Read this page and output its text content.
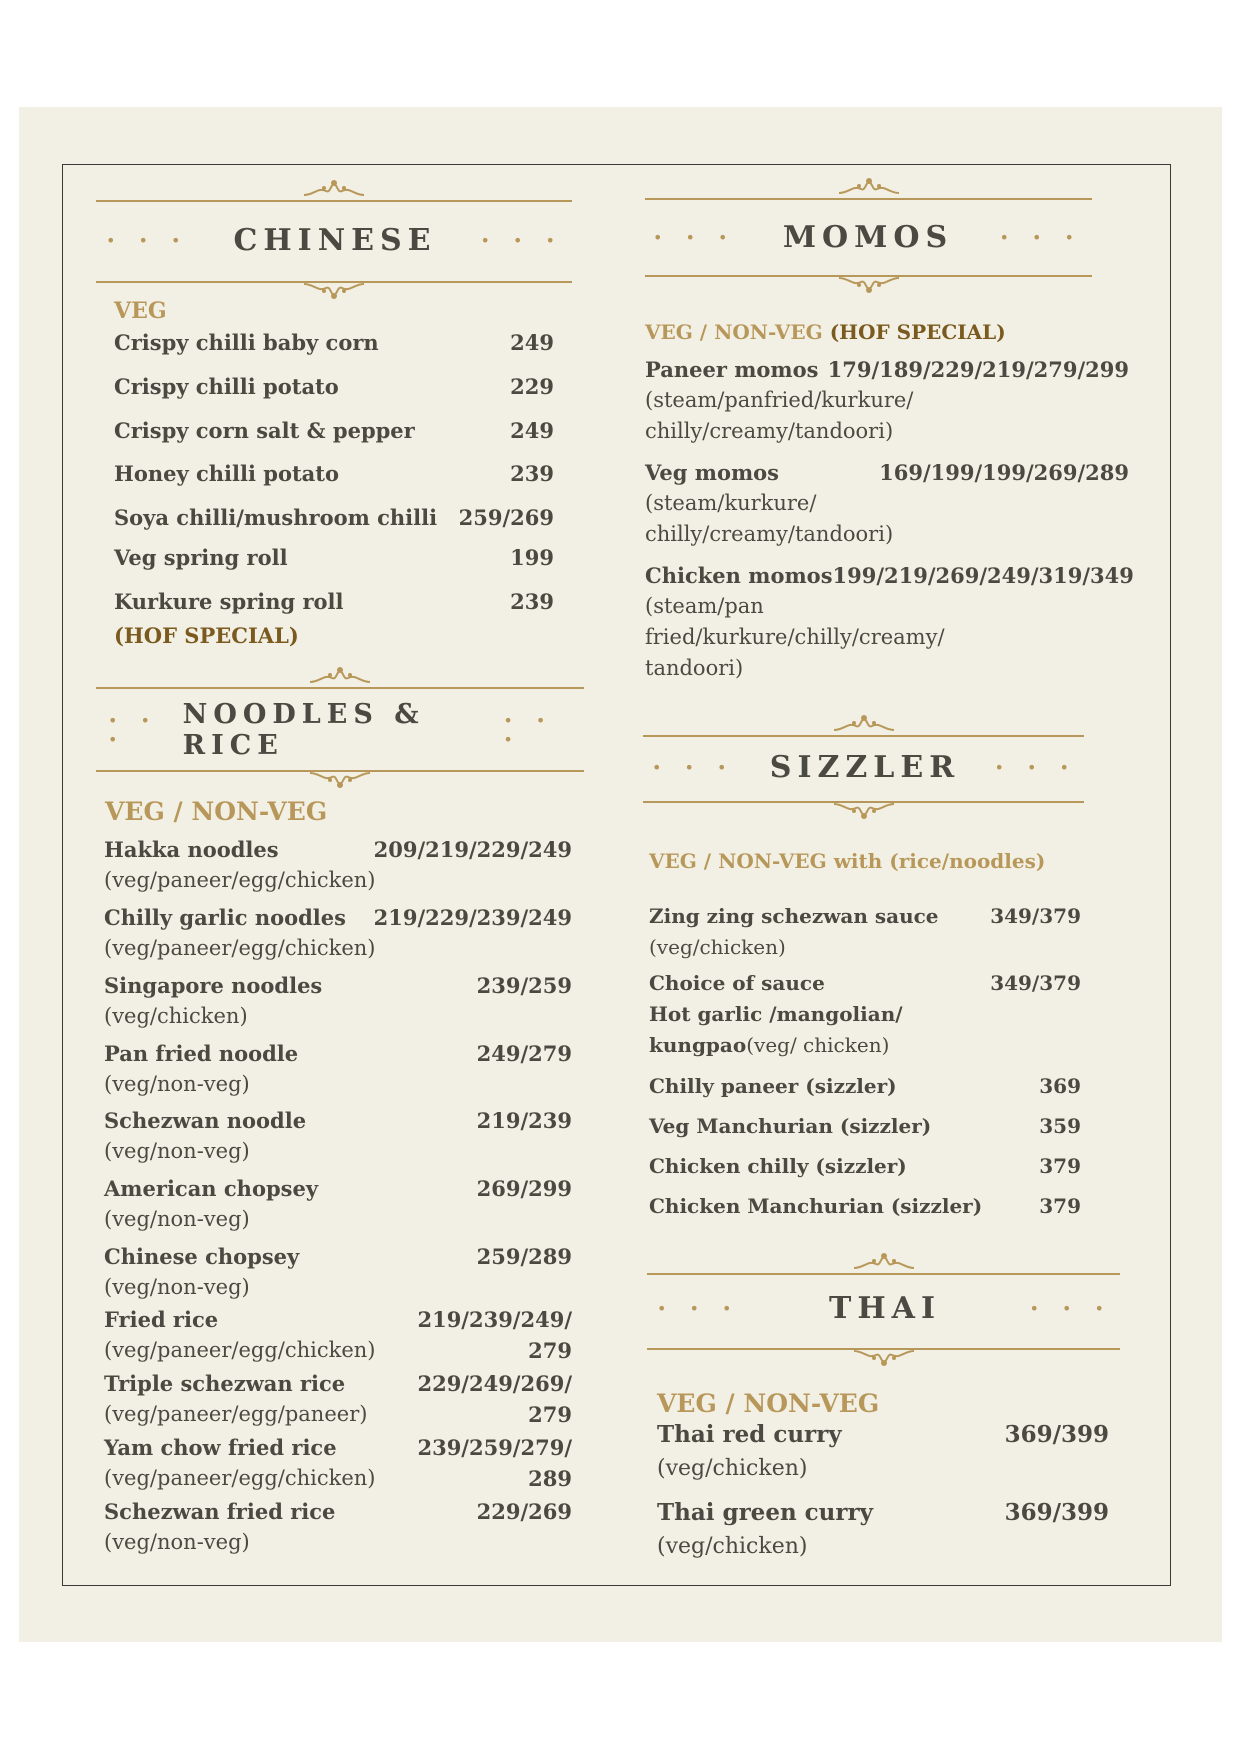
• • • CHINESE	• • •
VEG
Crispy chilli baby corn	249
Crispy chilli potato	229
Crispy corn salt & pepper	249
Honey chilli potato	239
Soya chilli/mushroom chilli 259/269
Veg spring roll	199
Kurkure spring roll	239
(HOF SPECIAL)
• • •
NOODLES & RICE
• • •
VEG / NON-VEG
Hakka noodles	209/219/229/249
(veg/paneer/egg/chicken)
Chilly garlic noodles 219/229/239/249
(veg/paneer/egg/chicken)
Singapore noodles	239/259
(veg/chicken)
Pan fried noodle	249/279
(veg/non-veg)
Schezwan noodle	219/239
(veg/non-veg)
American chopsey	269/299
(veg/non-veg)
Chinese chopsey	259/289
(veg/non-veg)
Fried rice	219/239/249/
(veg/paneer/egg/chicken)	279
Triple schezwan rice	229/249/269/
(veg/paneer/egg/paneer)	279
Yam chow fried rice	239/259/279/
(veg/paneer/egg/chicken)	289
Schezwan fried rice	229/269
(veg/non-veg)
• • • MOMOS	• • •
VEG / NON-VEG (HOF SPECIAL)
Paneer momos 179/189/229/219/279/299
(steam/panfried/kurkure/
chilly/creamy/tandoori)
Veg momos	169/199/199/269/289
(steam/kurkure/
chilly/creamy/tandoori)
Chicken momos 199/219/269/249/319/349
(steam/pan
fried/kurkure/chilly/creamy/
tandoori)
• • • SIZZLER • • •
VEG / NON-VEG with (rice/noodles)
Zing zing schezwan sauce	349/379
(veg/chicken)
Choice of sauce	349/379
Hot garlic /mangolian/
kungpao(veg/ chicken)
Chilly paneer (sizzler)	369
Veg Manchurian (sizzler)	359
Chicken chilly (sizzler)	379
Chicken Manchurian (sizzler)	379
• • •	THAI	• • •
VEG / NON-VEG
Thai red curry	369/399
(veg/chicken)
Thai green curry	369/399
(veg/chicken)
